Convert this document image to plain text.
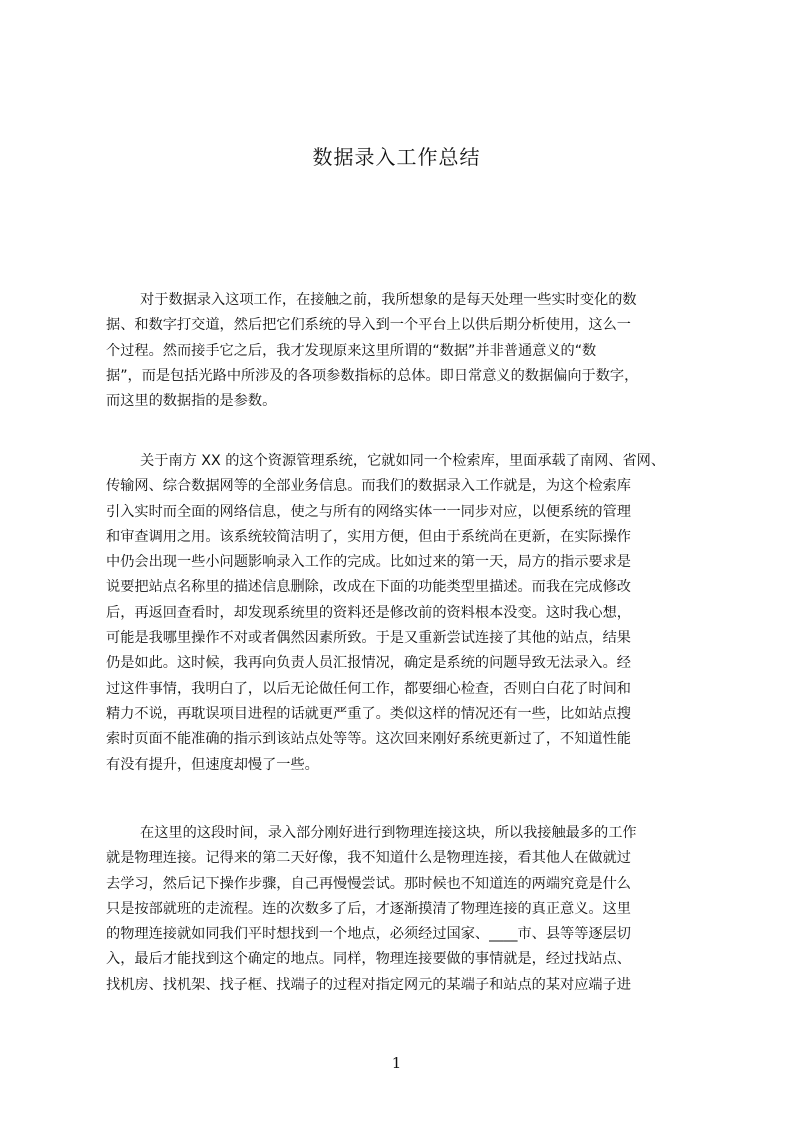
数据录入工作总结
对于数据录入这项工作，在接触之前，我所想象的是每天处理一些实时变化的数
据、和数字打交道，然后把它们系统的导入到一个平台上以供后期分析使用，这么一
个过程。然而接手它之后，我才发现原来这里所谓的“数据”并非普通意义的“数
据”，而是包括光路中所涉及的各项参数指标的总体。即日常意义的数据偏向于数字，
而这里的数据指的是参数。
关于南方 XX 的这个资源管理系统，它就如同一个检索库，里面承载了南网、省网、
传输网、综合数据网等的全部业务信息。而我们的数据录入工作就是，为这个检索库
引入实时而全面的网络信息，使之与所有的网络实体一一同步对应，以便系统的管理
和审查调用之用。该系统较简洁明了，实用方便，但由于系统尚在更新，在实际操作
中仍会出现一些小问题影响录入工作的完成。比如过来的第一天，局方的指示要求是
说要把站点名称里的描述信息删除，改成在下面的功能类型里描述。而我在完成修改
后，再返回查看时，却发现系统里的资料还是修改前的资料根本没变。这时我心想，
可能是我哪里操作不对或者偶然因素所致。于是又重新尝试连接了其他的站点，结果
仍是如此。这时候，我再向负责人员汇报情况，确定是系统的问题导致无法录入。经
过这件事情，我明白了，以后无论做任何工作，都要细心检查，否则白白花了时间和
精力不说，再耽误项目进程的话就更严重了。类似这样的情况还有一些，比如站点搜
索时页面不能准确的指示到该站点处等等。这次回来刚好系统更新过了，不知道性能
有没有提升，但速度却慢了一些。
在这里的这段时间，录入部分刚好进行到物理连接这块，所以我接触最多的工作
就是物理连接。记得来的第二天好像，我不知道什么是物理连接，看其他人在做就过
去学习，然后记下操作步骤，自己再慢慢尝试。那时候也不知道连的两端究竟是什么
只是按部就班的走流程。连的次数多了后，才逐渐摸清了物理连接的真正意义。这里
的物理连接就如同我们平时想找到一个地点，必须经过国家、____市、县等等逐层切
入，最后才能找到这个确定的地点。同样，物理连接要做的事情就是，经过找站点、
找机房、找机架、找子框、找端子的过程对指定网元的某端子和站点的某对应端子进
1
